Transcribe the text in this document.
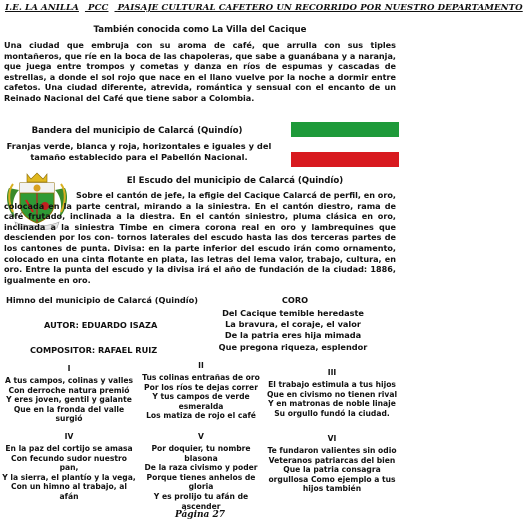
I.E. LA ANILLA PCC PAISAJE CULTURAL CAFETERO UN RECORRIDO POR NUESTRO DEPARTAMENTO
También conocida como La Villa del Cacique
Una ciudad que embruja con su aroma de café, que arrulla con sus tiples montañeros, que ríe en la boca de las chapoleras, que sabe a guanábana y a naranja, que juega entre trompos y cometas y danza en ríos de espumas y cascadas de estrellas, a donde el sol rojo que nace en el llano vuelve por la noche a dormir entre cafetos. Una ciudad diferente, atrevida, romántica y sensual con el encanto de un Reinado Nacional del Café que tiene sabor a Colombia.
Bandera del municipio de Calarcá (Quindío)
Franjas verde, blanca y roja, horizontales e iguales y del tamaño establecido para el Pabellón Nacional.
El Escudo del municipio de Calarcá (Quindío)
Sobre el cantón de jefe, la efigie del Cacique Calarcá de perfil, en oro, colocada en la parte central, mirando a la siniestra. En el cantón diestro, rama de café frutado, inclinada a la diestra. En el cantón siniestro, pluma clásica en oro, inclinada a la siniestra Timbe en cimera corona real en oro y lambrequines que descienden por los con- tornos laterales del escudo hasta las dos terceras partes de los cantones de punta. Divisa: en la parte inferior del escudo irán como ornamento, colocado en una cinta flotante en plata, las letras del lema valor, trabajo, cultura, en oro. Entre la punta del escudo y la divisa irá el año de fundación de la ciudad: 1886, igualmente en oro.
Himno del municipio de Calarcá (Quindío)
AUTOR: EDUARDO ISAZA
COMPOSITOR: RAFAEL RUIZ
CORO
Del Cacique temible heredaste
La bravura, el coraje, el valor
De la patria eres hija mimada
Que pregona riqueza, esplendor
I
A tus campos, colinas y valles
Con derroche natura premió
Y eres joven, gentil y galante
Que en la fronda del valle
surgió
II
Tus colinas entrañas de oro
Por los ríos te dejas correr
Y tus campos de verde
esmeralda
Los matiza de rojo el café
III
El trabajo estimula a tus hijos
Que en civismo no tienen rival
Y en matronas de noble linaje
Su orgullo fundó la ciudad.
IV
En la paz del cortijo se amasa
Con fecundo sudor nuestro pan,
Y la sierra, el plantío y la vega,
Con un himno al trabajo, al afán
V
Por doquier, tu nombre
blasona
De la raza civismo y poder
Porque tienes anhelos de gloria
Y es prolijo tu afán de ascender
VI
Te fundaron valientes sin odio
Veteranos patriarcas del bien
Que la patria consagra
orgullosa Como ejemplo a tus
hijos también
Página 27
